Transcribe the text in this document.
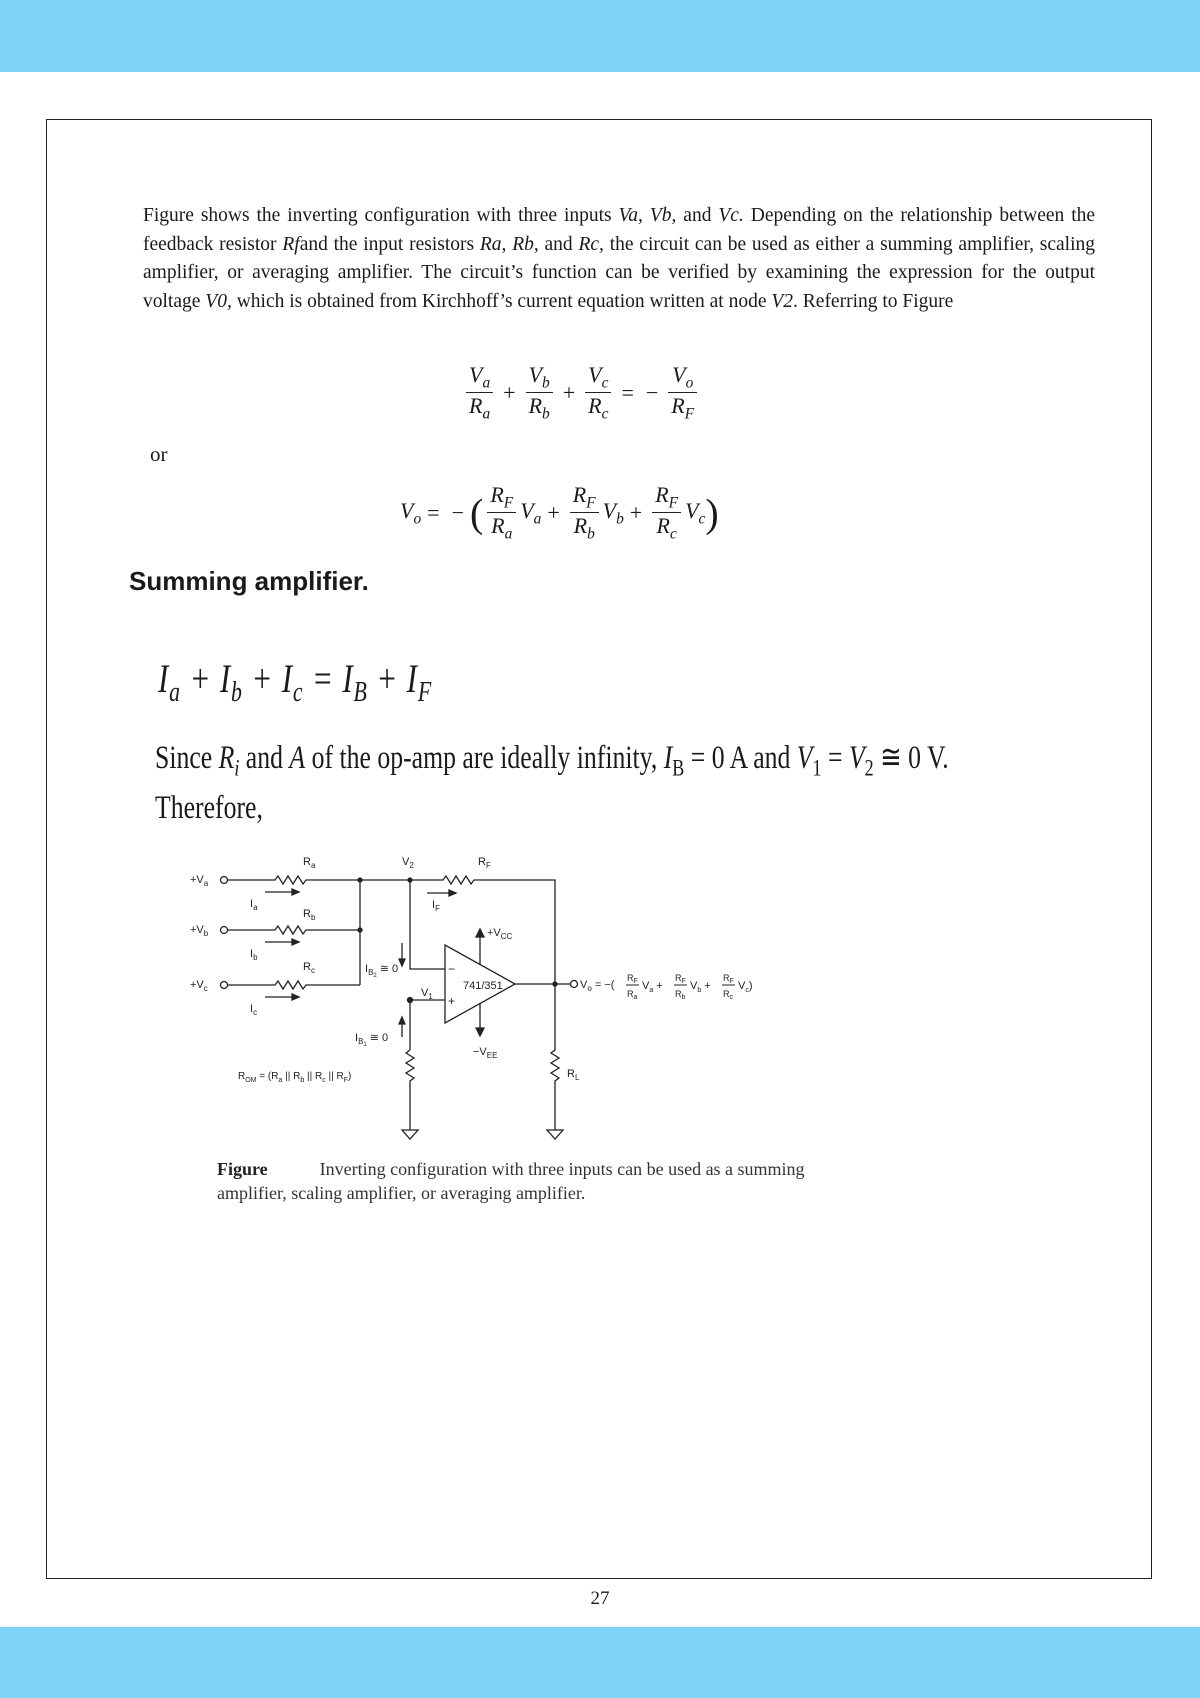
Figure shows the inverting configuration with three inputs Va, Vb, and Vc. Depending on the relationship between the feedback resistor Rfand the input resistors Ra, Rb, and Rc, the circuit can be used as either a summing amplifier, scaling amplifier, or averaging amplifier. The circuit’s function can be verified by examining the expression for the output voltage V0, which is obtained from Kirchhoff’s current equation written at node V2. Referring to Figure

$\frac{V_a}{R_a} + \frac{V_b}{R_b} + \frac{V_c}{R_c}$ = − $\frac{V_o}{R_F}$
or
$V_o$ = − ( $\frac{R_F}{R_a} V_a + \frac{R_F}{R_b} V_b + \frac{R_F}{R_c} V_c$)
Summing amplifier.
$I_a + I_b + I_c = I_B + I_F$
Since $R_i$ and A of the op-amp are ideally infinity, $I_B = 0$ A and $V_1 = V_2$ ≅ 0 V.
Therefore,
$+V_a$
$+V_b$
$+V_c$
$R_a$
$R_b$
$R_c$
$R_F$
$R_L$
$I_a$
$I_b$
$I_c$
$I_F$
$V_2$
$V_1$
$I_B2≅$ 0
$I_B1≅$ 0
741/351
−
+
$+V_{CC}$
$-V_{EE}$
$R_{OM} = (R_a$ || $R_b$ || $R_c$ || $R_F$)
$V_o$ = −(
$R_F$
$R_a$
$V_a$ +
$R_F$
$R_b$
$V_b$ +
$R_F$
$R_c$
$V_c$)
Figure	Inverting configuration with three inputs can be used as a summing amplifier, scaling amplifier, or averaging amplifier.
27
